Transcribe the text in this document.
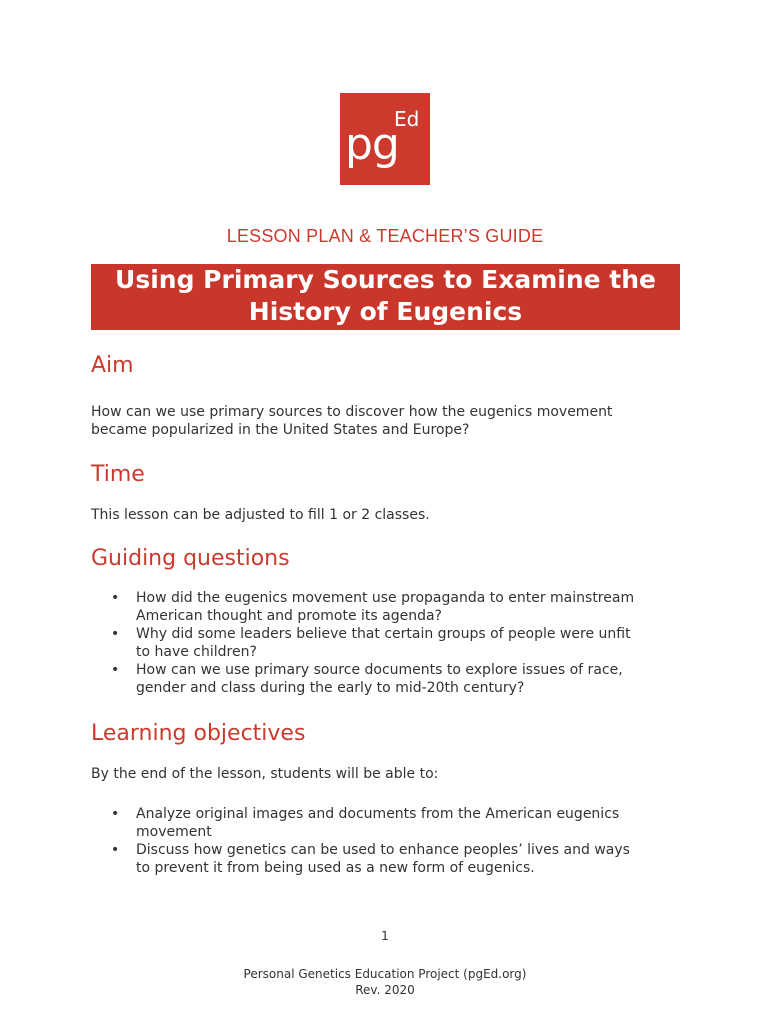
pg
Ed
LESSON PLAN & TEACHER’S GUIDE
Using Primary Sources to Examine the
History of Eugenics
Aim
How can we use primary sources to discover how the eugenics movement
became popularized in the United States and Europe?
Time
This lesson can be adjusted to fill 1 or 2 classes.
Guiding questions
• How did the eugenics movement use propaganda to enter mainstream
American thought and promote its agenda?
• Why did some leaders believe that certain groups of people were unfit
to have children?
• How can we use primary source documents to explore issues of race,
gender and class during the early to mid-20th century?
Learning objectives
By the end of the lesson, students will be able to:
• Analyze original images and documents from the American eugenics
movement
• Discuss how genetics can be used to enhance peoples’ lives and ways
to prevent it from being used as a new form of eugenics.
1
Personal Genetics Education Project (pgEd.org)
Rev. 2020
